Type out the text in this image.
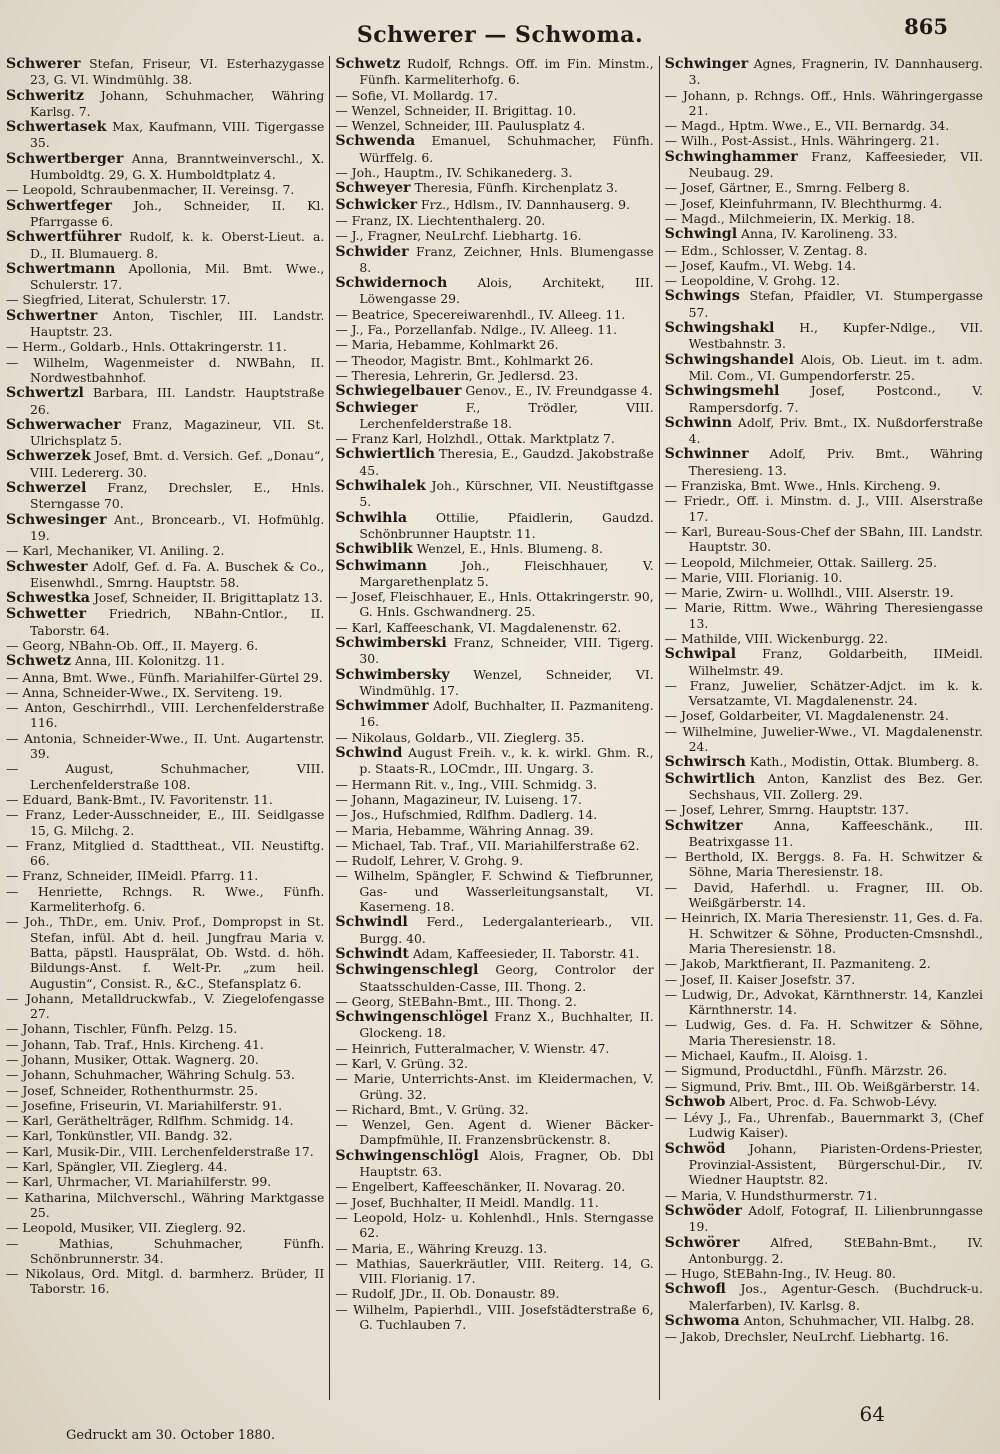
Schwerer — Schwoma.	865

Schwerer Stefan, Friseur, VI. Esterhazygasse 23, G. VI. Windmühlg. 38.

Schweritz Johann, Schuhmacher, Währing Karlsg. 7.

Schwertasek Max, Kaufmann, VIII. Tigergasse 35.

Schwertberger Anna, Branntweinverschl., X. Humboldtg. 29, G. X. Humboldtplatz 4.

— Leopold, Schraubenmacher, II. Vereinsg. 7.

Schwertfeger Joh., Schneider, II. Kl. Pfarrgasse 6.

Schwertführer Rudolf, k. k. Oberst-Lieut. a. D., II. Blumauerg. 8.

Schwertmann Apollonia, Mil. Bmt. Wwe., Schulerstr. 17.

— Siegfried, Literat, Schulerstr. 17.

Schwertner Anton, Tischler, III. Landstr. Hauptstr. 23.

— Herm., Goldarb., Hnls. Ottakringerstr. 11.

— Wilhelm, Wagenmeister d. NWBahn, II. Nordwestbahnhof.

Schwertzl Barbara, III. Landstr. Hauptstraße 26.

Schwerwacher Franz, Magazineur, VII. St. Ulrichsplatz 5.

Schwerzek Josef, Bmt. d. Versich. Gef. „Donau“, VIII. Ledererg. 30.

Schwerzel Franz, Drechsler, E., Hnls. Sterngasse 70.

Schwesinger Ant., Broncearb., VI. Hofmühlg. 19.

— Karl, Mechaniker, VI. Aniling. 2.

Schwester Adolf, Gef. d. Fa. A. Buschek & Co., Eisenwhdl., Smrng. Hauptstr. 58.

Schwestka Josef, Schneider, II. Brigittaplatz 13.

Schwetter Friedrich, NBahn-Cntlor., II. Taborstr. 64.

— Georg, NBahn-Ob. Off., II. Mayerg. 6.

Schwetz Anna, III. Kolonitzg. 11.

— Anna, Bmt. Wwe., Fünfh. Mariahilfer-Gürtel 29.

— Anna, Schneider-Wwe., IX. Serviteng. 19.

— Anton, Geschirrhdl., VIII. Lerchenfelderstraße 116.

— Antonia, Schneider-Wwe., II. Unt. Augartenstr. 39.

— August, Schuhmacher, VIII. Lerchenfelderstraße 108.

— Eduard, Bank-Bmt., IV. Favoritenstr. 11.

— Franz, Leder-Ausschneider, E., III. Seidlgasse 15, G. Milchg. 2.

— Franz, Mitglied d. Stadttheat., VII. Neustiftg. 66.

— Franz, Schneider, IIMeidl. Pfarrg. 11.

— Henriette, Rchngs. R. Wwe., Fünfh. Karmeliterhofg. 6.

— Joh., ThDr., em. Univ. Prof., Dompropst in St. Stefan, infül. Abt d. heil. Jungfrau Maria v. Batta, päpstl. Hausprälat, Ob. Wstd. d. höh. Bildungs-Anst. f. Welt-Pr. „zum heil. Augustin“, Consist. R., &C., Stefansplatz 6.

— Johann, Metalldruckwfab., V. Ziegelofengasse 27.

— Johann, Tischler, Fünfh. Pelzg. 15.

— Johann, Tab. Traf., Hnls. Kircheng. 41.

— Johann, Musiker, Ottak. Wagnerg. 20.

— Johann, Schuhmacher, Währing Schulg. 53.

— Josef, Schneider, Rothenthurmstr. 25.

— Josefine, Friseurin, VI. Mariahilferstr. 91.

— Karl, Geräthelträger, Rdlfhm. Schmidg. 14.

— Karl, Tonkünstler, VII. Bandg. 32.

— Karl, Musik-Dir., VIII. Lerchenfelderstraße 17.

— Karl, Spängler, VII. Zieglerg. 44.

— Karl, Uhrmacher, VI. Mariahilferstr. 99.

— Katharina, Milchverschl., Währing Marktgasse 25.

— Leopold, Musiker, VII. Zieglerg. 92.

— Mathias, Schuhmacher, Fünfh. Schönbrunnerstr. 34.

— Nikolaus, Ord. Mitgl. d. barmherz. Brüder, II Taborstr. 16.

Schwetz Rudolf, Rchngs. Off. im Fin. Minstm., Fünfh. Karmeliterhofg. 6.

— Sofie, VI. Mollardg. 17.

— Wenzel, Schneider, II. Brigittag. 10.

— Wenzel, Schneider, III. Paulusplatz 4.

Schwenda Emanuel, Schuhmacher, Fünfh. Würffelg. 6.

— Joh., Hauptm., IV. Schikanederg. 3.

Schweyer Theresia, Fünfh. Kirchenplatz 3.

Schwicker Frz., Hdlsm., IV. Dannhauserg. 9.

— Franz, IX. Liechtenthalerg. 20.

— J., Fragner, NeuLrchf. Liebhartg. 16.

Schwider Franz, Zeichner, Hnls. Blumengasse 8.

Schwidernoch Alois, Architekt, III. Löwengasse 29.

— Beatrice, Specereiwarenhdl., IV. Alleeg. 11.

— J., Fa., Porzellanfab. Ndlge., IV. Alleeg. 11.

— Maria, Hebamme, Kohlmarkt 26.

— Theodor, Magistr. Bmt., Kohlmarkt 26.

— Theresia, Lehrerin, Gr. Jedlersd. 23.

Schwiegelbauer Genov., E., IV. Freundgasse 4.

Schwieger F., Trödler, VIII. Lerchenfelderstraße 18.

— Franz Karl, Holzhdl., Ottak. Marktplatz 7.

Schwiertlich Theresia, E., Gaudzd. Jakobstraße 45.

Schwihalek Joh., Kürschner, VII. Neustiftgasse 5.

Schwihla Ottilie, Pfaidlerin, Gaudzd. Schönbrunner Hauptstr. 11.

Schwiblik Wenzel, E., Hnls. Blumeng. 8.

Schwimann Joh., Fleischhauer, V. Margarethenplatz 5.

— Josef, Fleischhauer, E., Hnls. Ottakringerstr. 90, G. Hnls. Gschwandnerg. 25.

— Karl, Kaffeeschank, VI. Magdalenenstr. 62.

Schwimberski Franz, Schneider, VIII. Tigerg. 30.

Schwimbersky Wenzel, Schneider, VI. Windmühlg. 17.

Schwimmer Adolf, Buchhalter, II. Pazmaniteng. 16.

— Nikolaus, Goldarb., VII. Zieglerg. 35.

Schwind August Freih. v., k. k. wirkl. Ghm. R., p. Staats-R., LOCmdr., III. Ungarg. 3.

— Hermann Rit. v., Ing., VIII. Schmidg. 3.

— Johann, Magazineur, IV. Luiseng. 17.

— Jos., Hufschmied, Rdlfhm. Dadlerg. 14.

— Maria, Hebamme, Währing Annag. 39.

— Michael, Tab. Traf., VII. Mariahilferstraße 62.

— Rudolf, Lehrer, V. Grohg. 9.

— Wilhelm, Spängler, F. Schwind & Tiefbrunner, Gas- und Wasserleitungsanstalt, VI. Kaserneng. 18.

Schwindl Ferd., Ledergalanteriearb., VII. Burgg. 40.

Schwindt Adam, Kaffeesieder, II. Taborstr. 41.

Schwingenschlegl Georg, Controlor der Staatsschulden-Casse, III. Thong. 2.

— Georg, StEBahn-Bmt., III. Thong. 2.

Schwingenschlögel Franz X., Buchhalter, II. Glockeng. 18.

— Heinrich, Futteralmacher, V. Wienstr. 47.

— Karl, V. Grüng. 32.

— Marie, Unterrichts-Anst. im Kleidermachen, V. Grüng. 32.

— Richard, Bmt., V. Grüng. 32.

— Wenzel, Gen. Agent d. Wiener Bäcker-Dampfmühle, II. Franzensbrückenstr. 8.

Schwingenschlögl Alois, Fragner, Ob. Dbl Hauptstr. 63.

— Engelbert, Kaffeeschänker, II. Novarag. 20.

— Josef, Buchhalter, II Meidl. Mandlg. 11.

— Leopold, Holz- u. Kohlenhdl., Hnls. Sterngasse 62.

— Maria, E., Währing Kreuzg. 13.

— Mathias, Sauerkräutler, VIII. Reiterg. 14, G. VIII. Florianig. 17.

— Rudolf, JDr., II. Ob. Donaustr. 89.

— Wilhelm, Papierhdl., VIII. Josefstädterstraße 6, G. Tuchlauben 7.

Schwinger Agnes, Fragnerin, IV. Dannhauserg. 3.

— Johann, p. Rchngs. Off., Hnls. Währingergasse 21.

— Magd., Hptm. Wwe., E., VII. Bernardg. 34.

— Wilh., Post-Assist., Hnls. Währingerg. 21.

Schwinghammer Franz, Kaffeesieder, VII. Neubaug. 29.

— Josef, Gärtner, E., Smrng. Felberg 8.

— Josef, Kleinfuhrmann, IV. Blechthurmg. 4.

— Magd., Milchmeierin, IX. Merkig. 18.

Schwingl Anna, IV. Karolineng. 33.

— Edm., Schlosser, V. Zentag. 8.

— Josef, Kaufm., VI. Webg. 14.

— Leopoldine, V. Grohg. 12.

Schwings Stefan, Pfaidler, VI. Stumpergasse 57.

Schwingshakl H., Kupfer-Ndlge., VII. Westbahnstr. 3.

Schwingshandel Alois, Ob. Lieut. im t. adm. Mil. Com., VI. Gumpendorferstr. 25.

Schwingsmehl Josef, Postcond., V. Rampersdorfg. 7.

Schwinn Adolf, Priv. Bmt., IX. Nußdorferstraße 4.

Schwinner Adolf, Priv. Bmt., Währing Theresieng. 13.

— Franziska, Bmt. Wwe., Hnls. Kircheng. 9.

— Friedr., Off. i. Minstm. d. J., VIII. Alserstraße 17.

— Karl, Bureau-Sous-Chef der SBahn, III. Landstr. Hauptstr. 30.

— Leopold, Milchmeier, Ottak. Saillerg. 25.

— Marie, VIII. Florianig. 10.

— Marie, Zwirn- u. Wollhdl., VIII. Alserstr. 19.

— Marie, Rittm. Wwe., Währing Theresiengasse 13.

— Mathilde, VIII. Wickenburgg. 22.

Schwipal Franz, Goldarbeith, IIMeidl. Wilhelmstr. 49.

— Franz, Juwelier, Schätzer-Adjct. im k. k. Versatzamte, VI. Magdalenenstr. 24.

— Josef, Goldarbeiter, VI. Magdalenenstr. 24.

— Wilhelmine, Juwelier-Wwe., VI. Magdalenenstr. 24.

Schwirsch Kath., Modistin, Ottak. Blumberg. 8.

Schwirtlich Anton, Kanzlist des Bez. Ger. Sechshaus, VII. Zollerg. 29.

— Josef, Lehrer, Smrng. Hauptstr. 137.

Schwitzer Anna, Kaffeeschänk., III. Beatrixgasse 11.

— Berthold, IX. Berggs. 8. Fa. H. Schwitzer & Söhne, Maria Theresienstr. 18.

— David, Haferhdl. u. Fragner, III. Ob. Weißgärberstr. 14.

— Heinrich, IX. Maria Theresienstr. 11, Ges. d. Fa. H. Schwitzer & Söhne, Producten-Cmsnshdl., Maria Theresienstr. 18.

— Jakob, Marktfierant, II. Pazmaniteng. 2.

— Josef, II. Kaiser Josefstr. 37.

— Ludwig, Dr., Advokat, Kärnthnerstr. 14, Kanzlei Kärnthnerstr. 14.

— Ludwig, Ges. d. Fa. H. Schwitzer & Söhne, Maria Theresienstr. 18.

— Michael, Kaufm., II. Aloisg. 1.

— Sigmund, Productdhl., Fünfh. Märzstr. 26.

— Sigmund, Priv. Bmt., III. Ob. Weißgärberstr. 14.

Schwob Albert, Proc. d. Fa. Schwob-Lévy.

— Lévy J., Fa., Uhrenfab., Bauernmarkt 3, (Chef Ludwig Kaiser).

Schwöd Johann, Piaristen-Ordens-Priester, Provinzial-Assistent, Bürgerschul-Dir., IV. Wiedner Hauptstr. 82.

— Maria, V. Hundsthurmerstr. 71.

Schwöder Adolf, Fotograf, II. Lilienbrunngasse 19.

Schwörer Alfred, StEBahn-Bmt., IV. Antonburgg. 2.

— Hugo, StEBahn-Ing., IV. Heug. 80.

Schwofl Jos., Agentur-Gesch. (Buchdruck-u. Malerfarben), IV. Karlsg. 8.

Schwoma Anton, Schuhmacher, VII. Halbg. 28.

— Jakob, Drechsler, NeuLrchf. Liebhartg. 16.

64
Gedruckt am 30. October 1880.
